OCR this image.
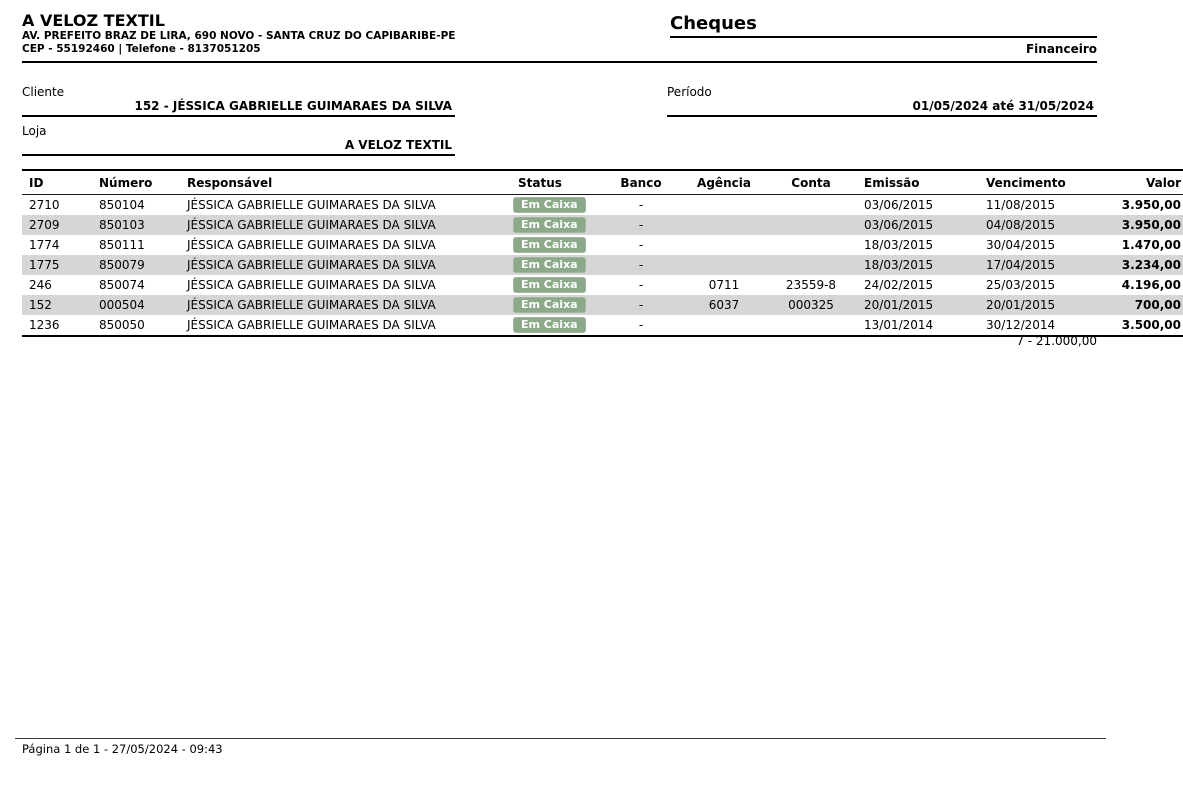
A VELOZ TEXTIL
AV. PREFEITO BRAZ DE LIRA, 690 NOVO - SANTA CRUZ DO CAPIBARIBE-PE
CEP - 55192460 | Telefone - 8137051205
Cheques
Financeiro
Cliente
152 - JÉSSICA GABRIELLE GUIMARAES DA SILVA
Loja
A VELOZ TEXTIL
Período
01/05/2024 até 31/05/2024
ID	Número	Responsável	Status	Banco	Agência	Conta	Emissão	Vencimento	Valor
2710	850104	JÉSSICA GABRIELLE GUIMARAES DA SILVA	Em Caixa	-			03/06/2015	11/08/2015	3.950,00
2709	850103	JÉSSICA GABRIELLE GUIMARAES DA SILVA	Em Caixa	-			03/06/2015	04/08/2015	3.950,00
1774	850111	JÉSSICA GABRIELLE GUIMARAES DA SILVA	Em Caixa	-			18/03/2015	30/04/2015	1.470,00
1775	850079	JÉSSICA GABRIELLE GUIMARAES DA SILVA	Em Caixa	-			18/03/2015	17/04/2015	3.234,00
246	850074	JÉSSICA GABRIELLE GUIMARAES DA SILVA	Em Caixa	-	0711	23559-8	24/02/2015	25/03/2015	4.196,00
152	000504	JÉSSICA GABRIELLE GUIMARAES DA SILVA	Em Caixa	-	6037	000325	20/01/2015	20/01/2015	700,00
1236	850050	JÉSSICA GABRIELLE GUIMARAES DA SILVA	Em Caixa	-			13/01/2014	30/12/2014	3.500,00
7 - 21.000,00
Página 1 de 1 - 27/05/2024 - 09:43
